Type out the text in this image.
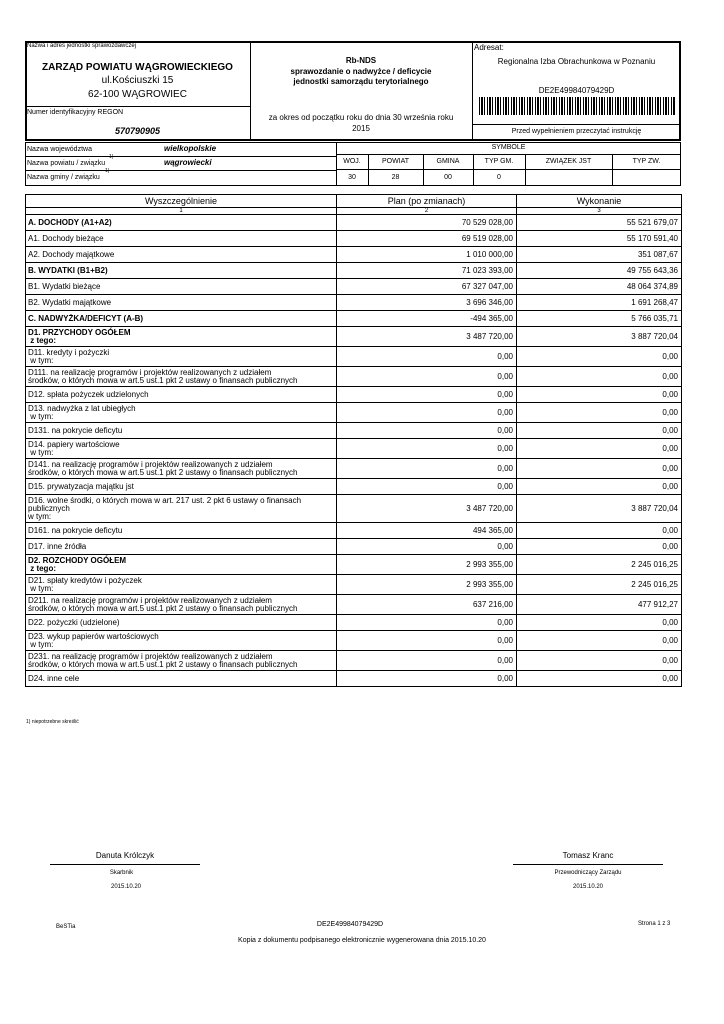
Nazwa i adres jednostki sprawozdawczej
ZARZĄD POWIATU WĄGROWIECKIEGO
ul.Kościuszki 15
62-100 WĄGROWIEC
Numer identyfikacyjny REGON
570790905
Rb-NDS
sprawozdanie o nadwyżce / deficycie
jednostki samorządu terytorialnego
za okres od początku roku do dnia 30 września roku
2015
Adresat:
Regionalna Izba Obrachunkowa w Poznaniu
DE2E49984079429D
Przed wypełnieniem przeczytać instrukcję
Nazwa województwa	wielkopolskie
Nazwa powiatu / związku
1)
wągrowiecki
Nazwa gminy / związku
1)
SYMBOLE
WOJ.	POWIAT	GMINA	TYP GM.	ZWIĄZEK JST	TYP ZW.
30	28	00	0
Wyszczególnienie	Plan (po zmianach)	Wykonanie
1	2	3

A. DOCHODY (A1+A2)	70 529 028,00	55 521 679,07

A1. Dochody bieżące	69 519 028,00	55 170 591,40

A2. Dochody majątkowe	1 010 000,00	351 087,67

B. WYDATKI (B1+B2)	71 023 393,00	49 755 643,36

B1. Wydatki bieżące	67 327 047,00	48 064 374,89

B2. Wydatki majątkowe	3 696 346,00	1 691 268,47

C. NADWYŻKA/DEFICYT (A-B)	-494 365,00	5 766 035,71

D1. PRZYCHODY OGÓŁEM
z tego:	3 487 720,00	3 887 720,04

D11. kredyty i pożyczki
w tym:	0,00	0,00

D111. na realizację programów i projektów realizowanych z udziałem
środków, o których mowa w art.5 ust.1 pkt 2 ustawy o finansach publicznych	0,00	0,00

D12. spłata pożyczek udzielonych	0,00	0,00

D13. nadwyżka z lat ubiegłych
w tym:	0,00	0,00

D131. na pokrycie deficytu	0,00	0,00

D14. papiery wartościowe
w tym:	0,00	0,00

D141. na realizację programów i projektów realizowanych z udziałem
środków, o których mowa w art.5 ust.1 pkt 2 ustawy o finansach publicznych	0,00	0,00

D15. prywatyzacja majątku jst	0,00	0,00

D16. wolne środki, o których mowa w art. 217 ust. 2 pkt 6 ustawy o finansach
publicznych
w tym:	3 487 720,00	3 887 720,04

D161. na pokrycie deficytu	494 365,00	0,00

D17. inne źródła	0,00	0,00

D2. ROZCHODY OGÓŁEM
z tego:	2 993 355,00	2 245 016,25

D21. spłaty kredytów i pożyczek
w tym:	2 993 355,00	2 245 016,25

D211. na realizację programów i projektów realizowanych z udziałem
środków, o których mowa w art.5 ust.1 pkt 2 ustawy o finansach publicznych	637 216,00	477 912,27

D22. pożyczki (udzielone)	0,00	0,00

D23. wykup papierów wartościowych
w tym:	0,00	0,00

D231. na realizację programów i projektów realizowanych z udziałem
środków, o których mowa w art.5 ust.1 pkt 2 ustawy o finansach publicznych	0,00	0,00

D24. inne cele	0,00	0,00
1) niepotrzebne skreślić
Danuta Królczyk
Skarbnik
2015.10.20
Tomasz Kranc
Przewodniczący Zarządu
2015.10.20
BeSTia	DE2E49984079429D	Strona 1 z 3
Kopia z dokumentu podpisanego elektronicznie wygenerowana dnia 2015.10.20
